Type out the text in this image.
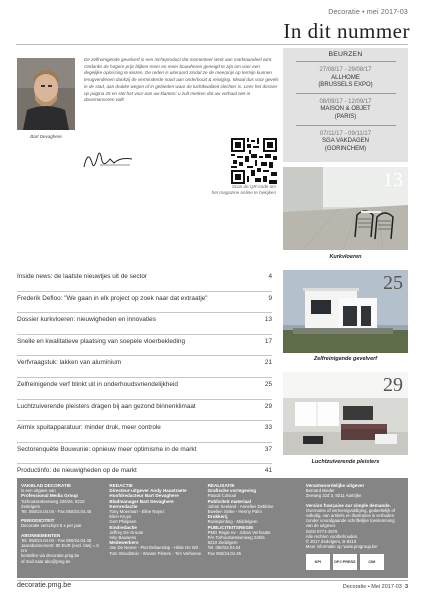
Decoratie • mei 2017-03
In dit nummer
Bart Devaghere
De zelfreinigende gevelverf is een nicheproduct dat momenteel sterk aan marktaandeel wint. Ondanks de hogere prijs blijken meer en meer bouwheren geneigd te zijn om voor een degelijke oplossing te kiezen. De reden is uiteraard zindat ze de meerprijs op termijn kunnen terugverdienen dankzij de verminderde nood aan onderhoud & reiniging. Ideaal dus voor gevels in de stad, aan drukke wegen of in gebieden waar de luchtkwaliteit slechter is. Lees het dossier op pagina 25 en stel het voor aan uw klanten: u zult merken dat uw verhaal niet in dovemansoren valt!
Scan de QR-code om
het magazine online te bekijken
BEURZEN
27/08/17 - 29/08/17
ALLHOME
(BRUSSELS EXPO)
08/09/17 - 12/09/17
MAISON & OBJET
(PARIS)
07/11/17 - 09/11/17
SGA VAKDAGEN
(GORINCHEM)
13
Kurkvloeren
25
Zelfreinigende gevelverf
29
Luchtzuiverende pleisters
Inside news: de laatste nieuwtjes uit de sector	4
Frederik Defloo: "We gaan in elk project op zoek naar dat extraatje"	9
Dossier kurkvloeren: nieuwigheden en innovaties	13
Snelle en kwalitatieve plaatsing van soepele vloerbekleding	17
Verfvraagstuk: lakken van aluminium	21
Zelfreinigende verf blinkt uit in onderhoudsvriendelijkheid	25
Luchtzuiverende pleisters dragen bij aan gezond binnenklimaat	29
Airmix spuitapparatuur: minder druk, meer controle	33
Sectorenquête Bouwunie: opnieuw meer optimisme in de markt	37
Productinfo: de nieuwigheden op de markt	41
VAKBLAD DECORATIE
is een uitgave van
Professional Media Group
Torhoutsesteenweg 226/26, 8210 Zedelgem
Tel. 050/24.04.04 - Fax 050/24.04.45
PERIODICITEIT
Decoratie verschijnt 6 x per jaar
ABONNEMENTEN
Tel. 050/24.04.04 - Fax 050/24.04.45
Jaarabonnement: 80 EUR (excl. btw) = 6 nrs
bestellen via decoratie.pmg.be
of mail naar abo@pmg.be
REDACTIE
Directeur-uitgever Andy Haustraete
Hoofdredacteur Bart Devaghere
Bladmanager Bart Devaghere
Kernredactie
Tony Moerman - Eline Noyez
Ellen Kruys
Gert Philipsen
Eindredactie
Jeffrey De Groote
Inky Bauwens
Medewerkers
Jan De Neeve - Piet Debaerdup - Hilde De Wit
Tom Woodstein - Wouter Pieters - Tim Verhoeve
REALISATIE
Grafische vormgeving
Pascal Colsoul
Publiciteit materiaal
Johan Seeland - Annelies Debbine
Ewelien Sinke - Henny Palm
Drukkerij
Roelsprinting - Middelgem
PUBLICITEITSREGIE
PMG Regie nv - Johan Verhoutte
P/A Torhoutsesteenweg 226/6
8210 Zedelgem
Tel. 050/24.04.04
Fax 050/24.04.45
Verantwoordelijke uitgever
Bernard Bieder
Zeeweg 32d 3, 8211 Aartrijke
Version française sur simple demande.
Overname of vermenigvuldiging, gedeeltelijk of volledig, van artikels en illustraties is verboden zonder voorafgaande schriftelijke toestemming van de uitgever.
ISSN 0771-3576
Alle rechten voorbehouden.
© 2017 Zedelgem, B-8210
Meer informatie op 'www.pmgroup.be'
KPI	OPJ PRESS	CIM
decoratie.pmg.be	Decoratie • Mei 2017-03 3
